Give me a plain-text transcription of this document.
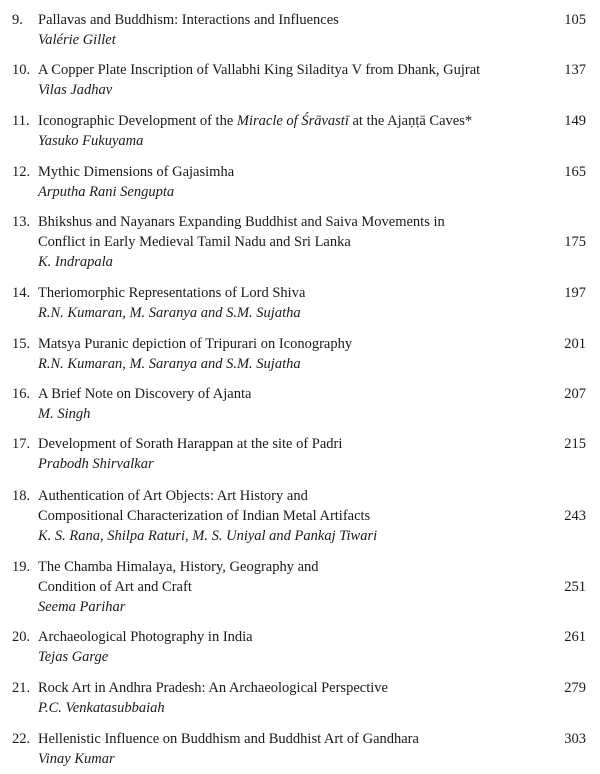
9. Pallavas and Buddhism: Interactions and Influences	105
Valérie Gillet
10. A Copper Plate Inscription of Vallabhi King Siladitya V from Dhank, Gujrat	137
Vilas Jadhav
11. Iconographic Development of the Miracle of Śrāvastī at the Ajaṇṭā Caves*	149
Yasuko Fukuyama
12. Mythic Dimensions of Gajasimha	165
Arputha Rani Sengupta
13. Bhikshus and Nayanars Expanding Buddhist and Saiva Movements in
Conflict in Early Medieval Tamil Nadu and Sri Lanka	175
K. Indrapala
14. Theriomorphic Representations of Lord Shiva	197
R.N. Kumaran, M. Saranya and S.M. Sujatha
15. Matsya Puranic depiction of Tripurari on Iconography	201
R.N. Kumaran, M. Saranya and S.M. Sujatha
16. A Brief Note on Discovery of Ajanta	207
M. Singh
17. Development of Sorath Harappan at the site of Padri	215
Prabodh Shirvalkar
18. Authentication of Art Objects: Art History and
Compositional Characterization of Indian Metal Artifacts	243
K. S. Rana, Shilpa Raturi, M. S. Uniyal and Pankaj Tiwari
19. The Chamba Himalaya, History, Geography and
Condition of Art and Craft	251
Seema Parihar
20. Archaeological Photography in India	261
Tejas Garge
21. Rock Art in Andhra Pradesh: An Archaeological Perspective	279
P.C. Venkatasubbaiah
22. Hellenistic Influence on Buddhism and Buddhist Art of Gandhara	303
Vinay Kumar
